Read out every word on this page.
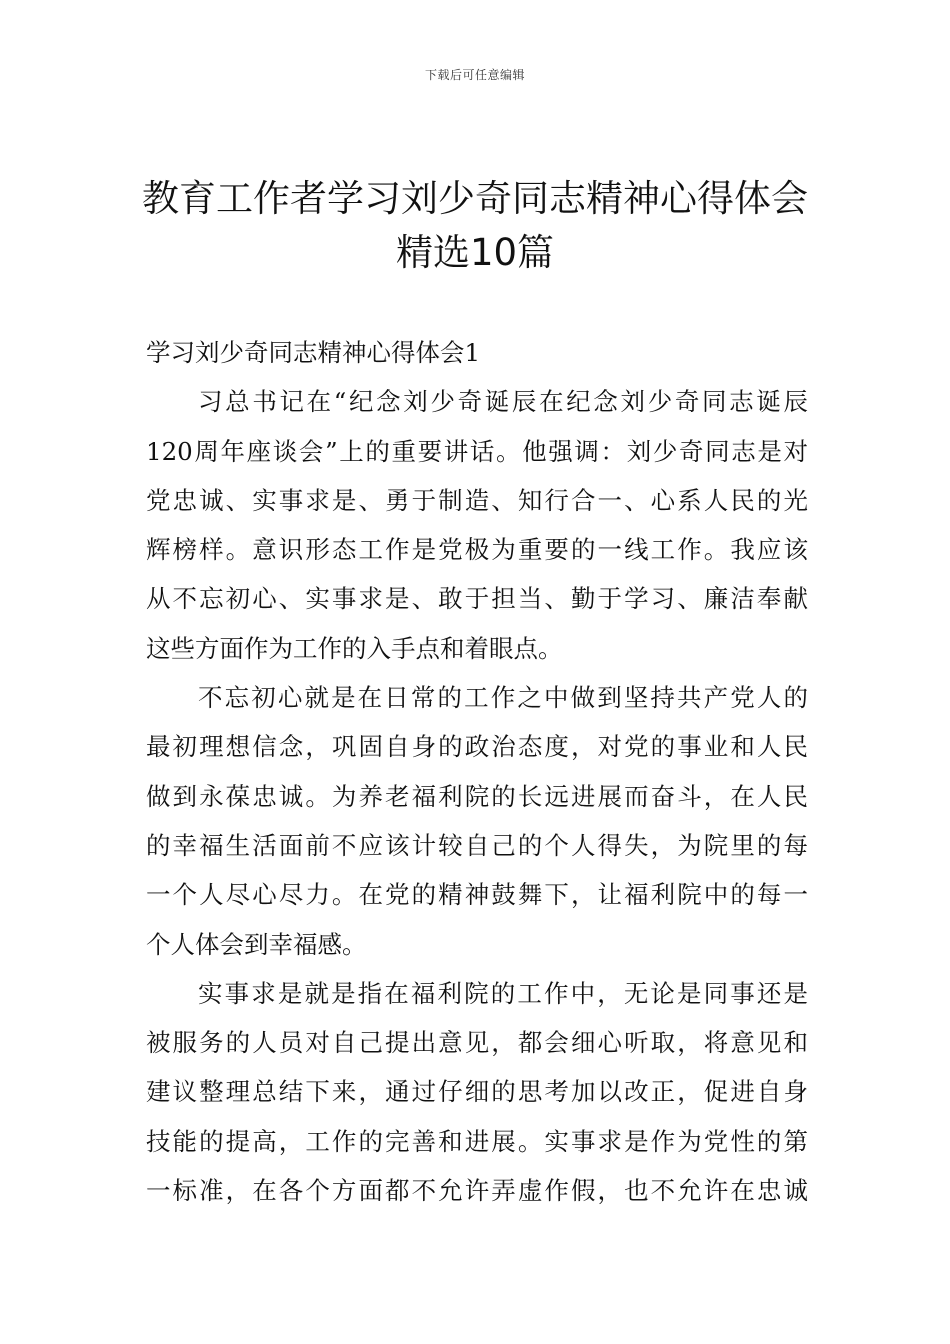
下载后可任意编辑
教育工作者学习刘少奇同志精神心得体会
精选10篇

学习刘少奇同志精神心得体会1

习总书记在“纪念刘少奇诞辰在纪念刘少奇同志诞辰
120周年座谈会”上的重要讲话。他强调：刘少奇同志是对
党忠诚、实事求是、勇于制造、知行合一、心系人民的光
辉榜样。意识形态工作是党极为重要的一线工作。我应该
从不忘初心、实事求是、敢于担当、勤于学习、廉洁奉献
这些方面作为工作的入手点和着眼点。
不忘初心就是在日常的工作之中做到坚持共产党人的
最初理想信念，巩固自身的政治态度，对党的事业和人民
做到永葆忠诚。为养老福利院的长远进展而奋斗，在人民
的幸福生活面前不应该计较自己的个人得失，为院里的每
一个人尽心尽力。在党的精神鼓舞下，让福利院中的每一
个人体会到幸福感。
实事求是就是指在福利院的工作中，无论是同事还是
被服务的人员对自己提出意见，都会细心听取，将意见和
建议整理总结下来，通过仔细的思考加以改正，促进自身
技能的提高，工作的完善和进展。实事求是作为党性的第
一标准，在各个方面都不允许弄虚作假，也不允许在忠诚
